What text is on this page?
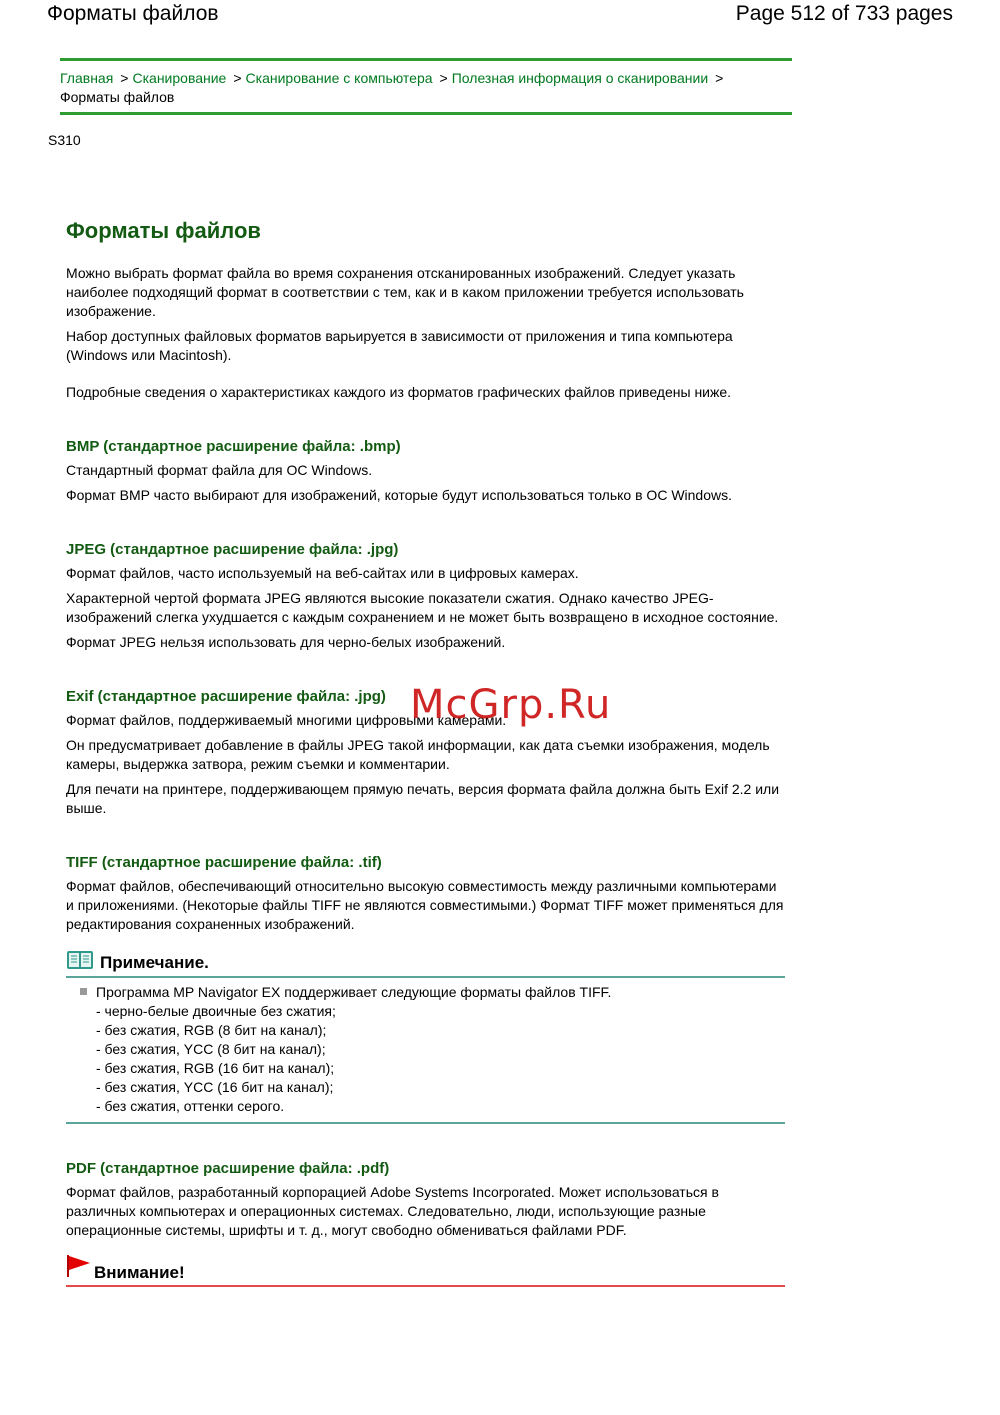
Форматы файлов	Page 512 of 733 pages
Главная > Сканирование > Сканирование с компьютера > Полезная информация о сканировании >
Форматы файлов
S310
Форматы файлов

Можно выбрать формат файла во время сохранения отсканированных изображений. Следует указать наиболее подходящий формат в соответствии с тем, как и в каком приложении требуется использовать изображение.

Набор доступных файловых форматов варьируется в зависимости от приложения и типа компьютера (Windows или Macintosh).

Подробные сведения о характеристиках каждого из форматов графических файлов приведены ниже.

BMP (стандартное расширение файла: .bmp)

Стандартный формат файла для ОС Windows.

Формат BMP часто выбирают для изображений, которые будут использоваться только в ОС Windows.

JPEG (стандартное расширение файла: .jpg)

Формат файлов, часто используемый на веб-сайтах или в цифровых камерах.

Характерной чертой формата JPEG являются высокие показатели сжатия. Однако качество JPEG-изображений слегка ухудшается с каждым сохранением и не может быть возвращено в исходное состояние.

Формат JPEG нельзя использовать для черно-белых изображений.

Exif (стандартное расширение файла: .jpg)

Формат файлов, поддерживаемый многими цифровыми камерами.

Он предусматривает добавление в файлы JPEG такой информации, как дата съемки изображения, модель камеры, выдержка затвора, режим съемки и комментарии.

Для печати на принтере, поддерживающем прямую печать, версия формата файла должна быть Exif 2.2 или выше.

TIFF (стандартное расширение файла: .tif)

Формат файлов, обеспечивающий относительно высокую совместимость между различными компьютерами и приложениями. (Некоторые файлы TIFF не являются совместимыми.) Формат TIFF может применяться для редактирования сохраненных изображений.

Примечание.
Программа MP Navigator EX поддерживает следующие форматы файлов TIFF.
- черно-белые двоичные без сжатия;
- без сжатия, RGB (8 бит на канал);
- без сжатия, YCC (8 бит на канал);
- без сжатия, RGB (16 бит на канал);
- без сжатия, YCC (16 бит на канал);
- без сжатия, оттенки серого.
PDF (стандартное расширение файла: .pdf)

Формат файлов, разработанный корпорацией Adobe Systems Incorporated. Может использоваться в различных компьютерах и операционных системах. Следовательно, люди, использующие разные операционные системы, шрифты и т. д., могут свободно обмениваться файлами PDF.

Внимание!
McGrp.Ru
